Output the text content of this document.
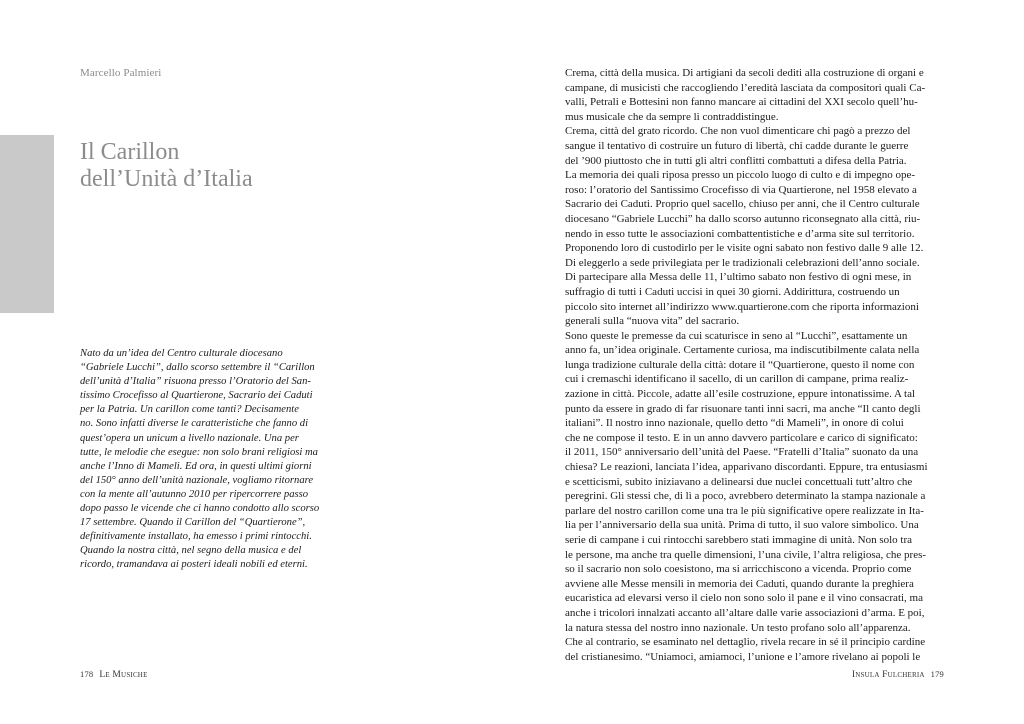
Marcello Palmieri
Il Carillon
dell’Unità d’Italia
Nato da un’idea del Centro culturale diocesano
“Gabriele Lucchi”, dallo scorso settembre il “Carillon
dell’unità d’Italia” risuona presso l’Oratorio del San-
tissimo Crocefisso al Quartierone, Sacrario dei Caduti
per la Patria. Un carillon come tanti? Decisamente
no. Sono infatti diverse le caratteristiche che fanno di
quest’opera un unicum a livello nazionale. Una per
tutte, le melodie che esegue: non solo brani religiosi ma
anche l’Inno di Mameli. Ed ora, in questi ultimi giorni
del 150° anno dell’unità nazionale, vogliamo ritornare
con la mente all’autunno 2010 per ripercorrere passo
dopo passo le vicende che ci hanno condotto allo scorso
17 settembre. Quando il Carillon del “Quartierone”,
definitivamente installato, ha emesso i primi rintocchi.
Quando la nostra città, nel segno della musica e del
ricordo, tramandava ai posteri ideali nobili ed eterni.
178 Le Musiche	Insula Fulcheria 179
Crema, città della musica. Di artigiani da secoli dediti alla costruzione di organi e
campane, di musicisti che raccogliendo l’eredità lasciata da compositori quali Ca-
valli, Petrali e Bottesini non fanno mancare ai cittadini del XXI secolo quell’hu-
mus musicale che da sempre li contraddistingue.
Crema, città del grato ricordo. Che non vuol dimenticare chi pagò a prezzo del
sangue il tentativo di costruire un futuro di libertà, chi cadde durante le guerre
del ’900 piuttosto che in tutti gli altri conflitti combattuti a difesa della Patria.
La memoria dei quali riposa presso un piccolo luogo di culto e di impegno ope-
roso: l’oratorio del Santissimo Crocefisso di via Quartierone, nel 1958 elevato a
Sacrario dei Caduti. Proprio quel sacello, chiuso per anni, che il Centro culturale
diocesano “Gabriele Lucchi” ha dallo scorso autunno riconsegnato alla città, riu-
nendo in esso tutte le associazioni combattentistiche e d’arma site sul territorio.
Proponendo loro di custodirlo per le visite ogni sabato non festivo dalle 9 alle 12.
Di eleggerlo a sede privilegiata per le tradizionali celebrazioni dell’anno sociale.
Di partecipare alla Messa delle 11, l’ultimo sabato non festivo di ogni mese, in
suffragio di tutti i Caduti uccisi in quei 30 giorni. Addirittura, costruendo un
piccolo sito internet all’indirizzo www.quartierone.com che riporta informazioni
generali sulla “nuova vita” del sacrario.
Sono queste le premesse da cui scaturisce in seno al “Lucchi”, esattamente un
anno fa, un’idea originale. Certamente curiosa, ma indiscutibilmente calata nella
lunga tradizione culturale della città: dotare il “Quartierone, questo il nome con
cui i cremaschi identificano il sacello, di un carillon di campane, prima realiz-
zazione in città. Piccole, adatte all’esile costruzione, eppure intonatissime. A tal
punto da essere in grado di far risuonare tanti inni sacri, ma anche “Il canto degli
italiani”. Il nostro inno nazionale, quello detto “di Mameli”, in onore di colui
che ne compose il testo. E in un anno davvero particolare e carico di significato:
il 2011, 150° anniversario dell’unità del Paese. “Fratelli d’Italia” suonato da una
chiesa? Le reazioni, lanciata l’idea, apparivano discordanti. Eppure, tra entusiasmi
e scetticismi, subito iniziavano a delinearsi due nuclei concettuali tutt’altro che
peregrini. Gli stessi che, di lì a poco, avrebbero determinato la stampa nazionale a
parlare del nostro carillon come una tra le più significative opere realizzate in Ita-
lia per l’anniversario della sua unità. Prima di tutto, il suo valore simbolico. Una
serie di campane i cui rintocchi sarebbero stati immagine di unità. Non solo tra
le persone, ma anche tra quelle dimensioni, l’una civile, l’altra religiosa, che pres-
so il sacrario non solo coesistono, ma si arricchiscono a vicenda. Proprio come
avviene alle Messe mensili in memoria dei Caduti, quando durante la preghiera
eucaristica ad elevarsi verso il cielo non sono solo il pane e il vino consacrati, ma
anche i tricolori innalzati accanto all’altare dalle varie associazioni d’arma. E poi,
la natura stessa del nostro inno nazionale. Un testo profano solo all’apparenza.
Che al contrario, se esaminato nel dettaglio, rivela recare in sé il principio cardine
del cristianesimo. “Uniamoci, amiamoci, l’unione e l’amore rivelano ai popoli le
